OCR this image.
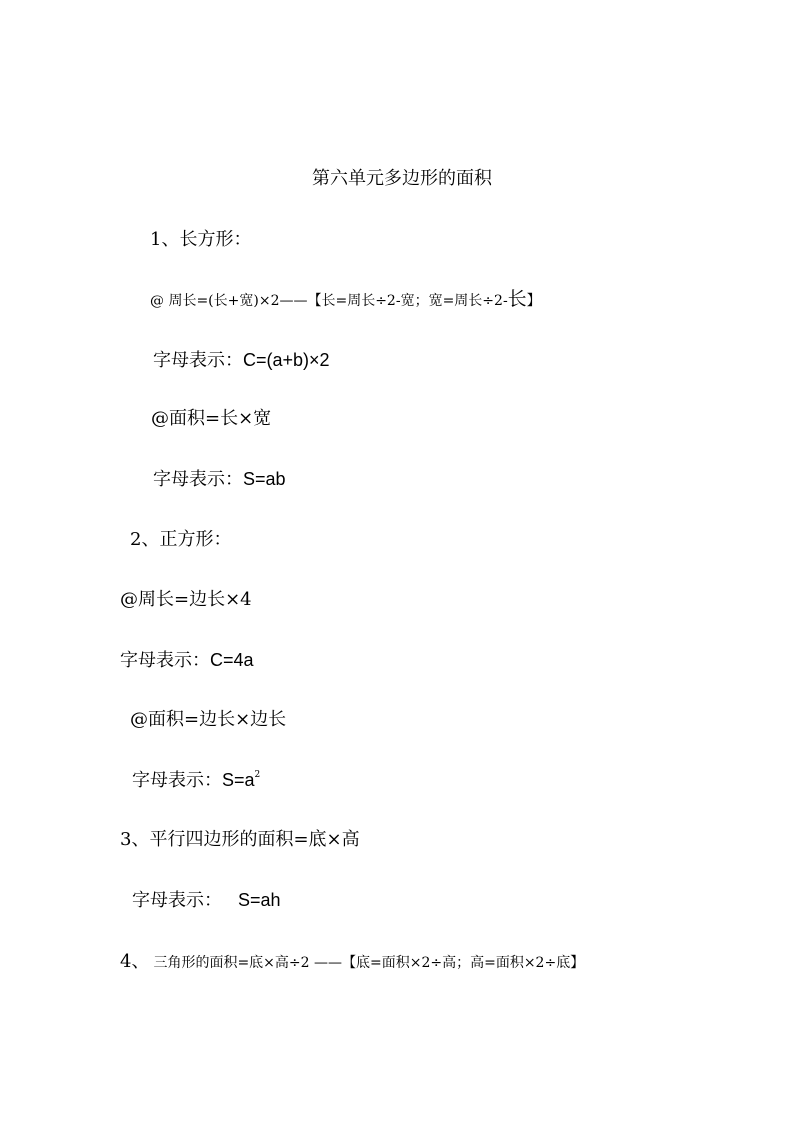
第六单元多边形的面积
1、长方形：
@ 周长=(长+宽)×2——【长=周长÷2-宽；宽=周长÷2-长】
字母表示：C=(a+b)×2
@面积=长×宽
字母表示：S=ab
2、正方形：
@周长=边长×4
字母表示：C=4a
@面积=边长×边长
字母表示：$S=a^2$
3、平行四边形的面积=底×高
字母表示： S=ah
4、 三角形的面积=底×高÷2 ——【底=面积×2÷高；高=面积×2÷底】
